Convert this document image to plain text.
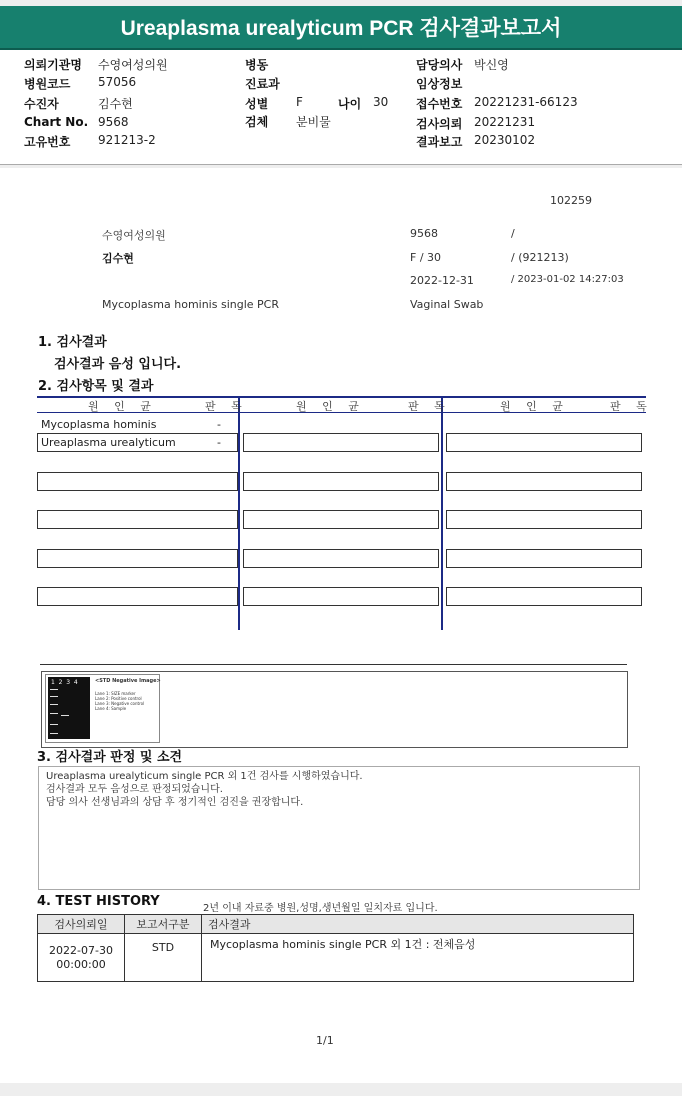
Ureaplasma urealyticum PCR 검사결과보고서
의뢰기관명 수영여성의원	병동	담당의사 박신영
병원코드 57056	진료과	임상정보
수진자	김수현	성별 F	나이 30 접수번호 20221231-66123
Chart No. 9568	검체 분비물	검사의뢰 20221231
고유번호 921213-2	결과보고 20230102
102259
수영여성의원	9568	/
김수현	F / 30	/ (921213)
2022-12-31	/ 2023-01-02 14:27:03
Mycoplasma hominis single PCR	Vaginal Swab
1. 검사결과
검사결과 음성 입니다.
2. 검사항목 및 결과
원 인 균	판 독	원 인 균	판 독	원 인 균	판 독
Mycoplasma hominis	-
Ureaplasma urealyticum	-
1  2  3  4	<STD Negative Image>
Lane 1: SIZE marker
Lane 2: Positive control
Lane 3: Negative control
Lane 4: Sample
3. 검사결과 판정 및 소견
Ureaplasma urealyticum single PCR 외 1건 검사를 시행하였습니다.
검사결과 모두 음성으로 판정되었습니다.
담당 의사 선생님과의 상담 후 정기적인 검진을 권장합니다.
4. TEST HISTORY	2년 이내 자료중 병원,성명,생년월일 일치자료 입니다.
검사의뢰일	보고서구분	검사결과

2022-07-30
00:00:00	STD	Mycoplasma hominis single PCR 외 1건 : 전체음성
1/1
